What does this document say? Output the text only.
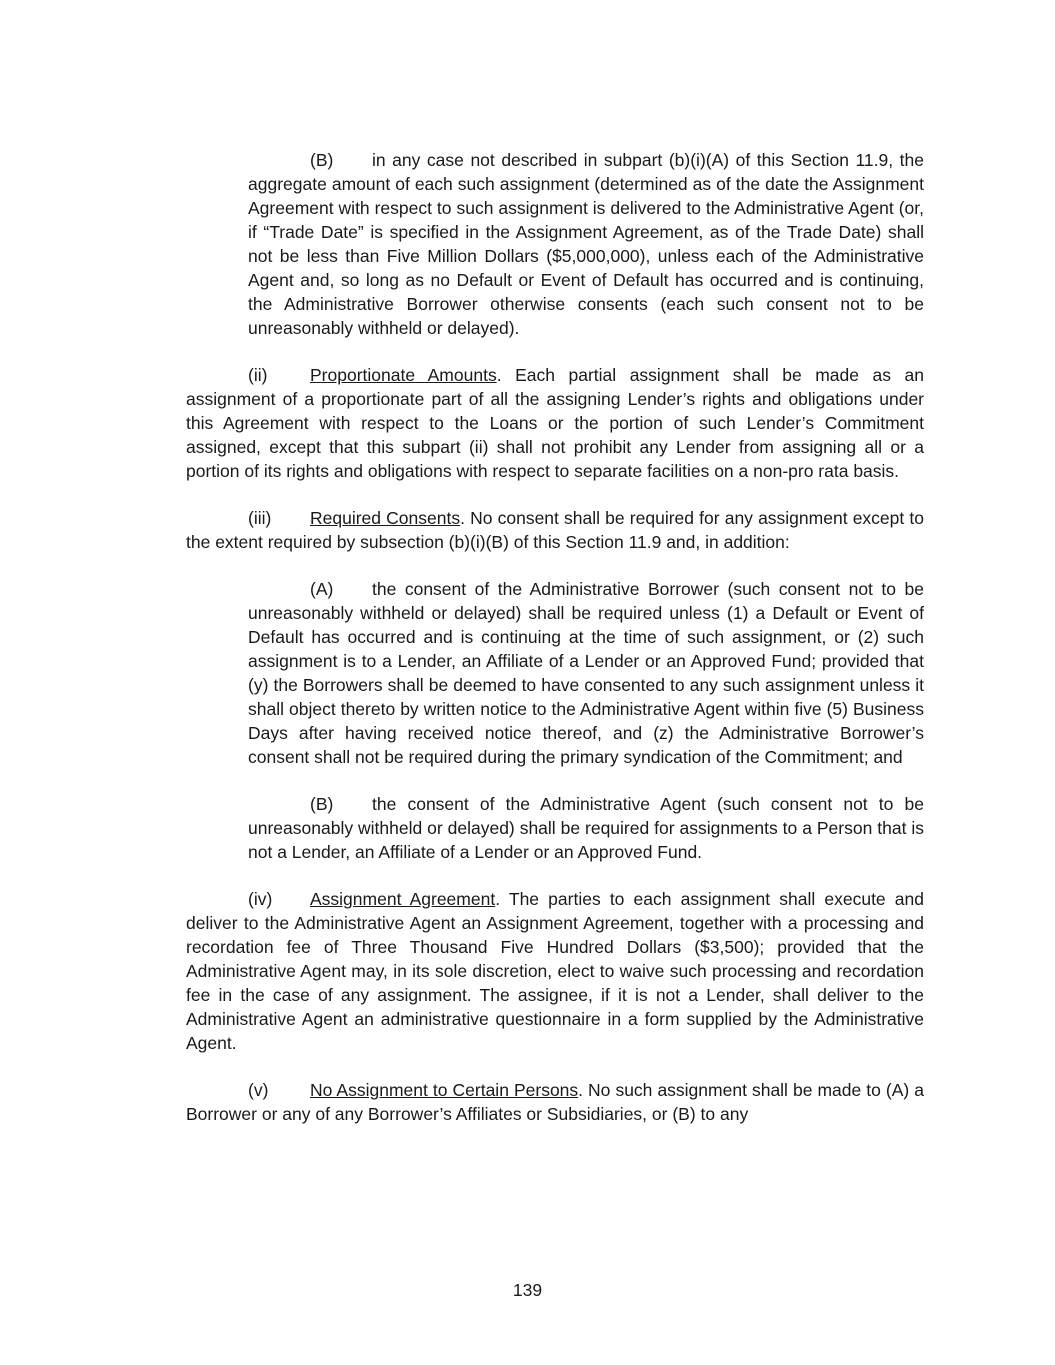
(B) in any case not described in subpart (b)(i)(A) of this Section 11.9, the aggregate amount of each such assignment (determined as of the date the Assignment Agreement with respect to such assignment is delivered to the Administrative Agent (or, if “Trade Date” is specified in the Assignment Agreement, as of the Trade Date) shall not be less than Five Million Dollars ($5,000,000), unless each of the Administrative Agent and, so long as no Default or Event of Default has occurred and is continuing, the Administrative Borrower otherwise consents (each such consent not to be unreasonably withheld or delayed).

(ii) Proportionate Amounts. Each partial assignment shall be made as an assignment of a proportionate part of all the assigning Lender’s rights and obligations under this Agreement with respect to the Loans or the portion of such Lender’s Commitment assigned, except that this subpart (ii) shall not prohibit any Lender from assigning all or a portion of its rights and obligations with respect to separate facilities on a non-pro rata basis.

(iii) Required Consents. No consent shall be required for any assignment except to the extent required by subsection (b)(i)(B) of this Section 11.9 and, in addition:

(A) the consent of the Administrative Borrower (such consent not to be unreasonably withheld or delayed) shall be required unless (1) a Default or Event of Default has occurred and is continuing at the time of such assignment, or (2) such assignment is to a Lender, an Affiliate of a Lender or an Approved Fund; provided that (y) the Borrowers shall be deemed to have consented to any such assignment unless it shall object thereto by written notice to the Administrative Agent within five (5) Business Days after having received notice thereof, and (z) the Administrative Borrower’s consent shall not be required during the primary syndication of the Commitment; and

(B) the consent of the Administrative Agent (such consent not to be unreasonably withheld or delayed) shall be required for assignments to a Person that is not a Lender, an Affiliate of a Lender or an Approved Fund.

(iv) Assignment Agreement. The parties to each assignment shall execute and deliver to the Administrative Agent an Assignment Agreement, together with a processing and recordation fee of Three Thousand Five Hundred Dollars ($3,500); provided that the Administrative Agent may, in its sole discretion, elect to waive such processing and recordation fee in the case of any assignment. The assignee, if it is not a Lender, shall deliver to the Administrative Agent an administrative questionnaire in a form supplied by the Administrative Agent.

(v) No Assignment to Certain Persons. No such assignment shall be made to (A) a Borrower or any of any Borrower’s Affiliates or Subsidiaries, or (B) to any

139
